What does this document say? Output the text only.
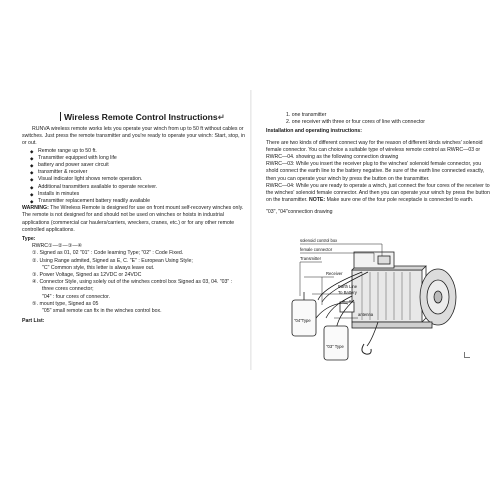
Wireless Remote Control Instructions↵

RUNVA wireless remote works lets you operate your winch from up to 50 ft without cables or switches. Just press the remote transmitter and you're ready to operate your winch: Start, stop, in or out.

◆ Remote range up to 50 ft.

◆ Transmitter equipped with long life

◆ battery and power saver circuit

◆ transmitter & receiver

◆ Visual indicator light shows remote operation.

◆ Additional transmitters available to operate receiver.

◆ Installs in minutes

◆ Transmitter replacement battery readily available

WARNING: The Wireless Remote is designed for use on front mount self-recovery winches only. The remote is not designed for and should not be used on winches or hoists in industrial applications (commercial car haulers/carriers, wreckers, cranes, etc.) or for any other remote controlled applications.

Type:

RWRC①—②—③—④

①. Signed as 01, 02 "01" : Code learning Type; "02" : Code Fixed.

②. Using Range admited, Signed as E, C. "E" : European Using Style;

"C" Common style, this letter is always leave out.

③. Power Voltage, Signed as 12VDC or 24VDC

④. Connector Style, using solely out of the winches control box Signed as 03, 04. "03" :

three cores connector;

"04" : four cores of connector.

⑤. mount type, Signed as 05

"05" small remote can fix in the winches control box.

Part List:

1. one transmitter

2. one receiver with three or four cores of line with connector

Installation and operating instructions:

There are two kinds of different connect way for the reason of different kinds winches' solenoid female connector. You can choice a suitable type of wireless remote control as RWRC—03 or RWRC—04. showing as the following connection drawing

RWRC—03: While you insert the receiver plug to the winches' solenoid female connector, you shold connect the earth line to the battery negative. Be sure of the earth line connected exactly, then you can operate your winch by press the button on the transmitter.

RWRC—04: While you are ready to operate a winch, just connect the four cores of the receiver to the winches' solenoid female connector. And then you can operate your winch by press the button on the transmitter. NOTE: Make sure one of the four pole receptacle is connected to earth.

"03", "04"connection drawing

solenoid control box
female connector
Transmitter
Receiver
Earth Line
To Battery
antenna
"04"Type
"03" Type
